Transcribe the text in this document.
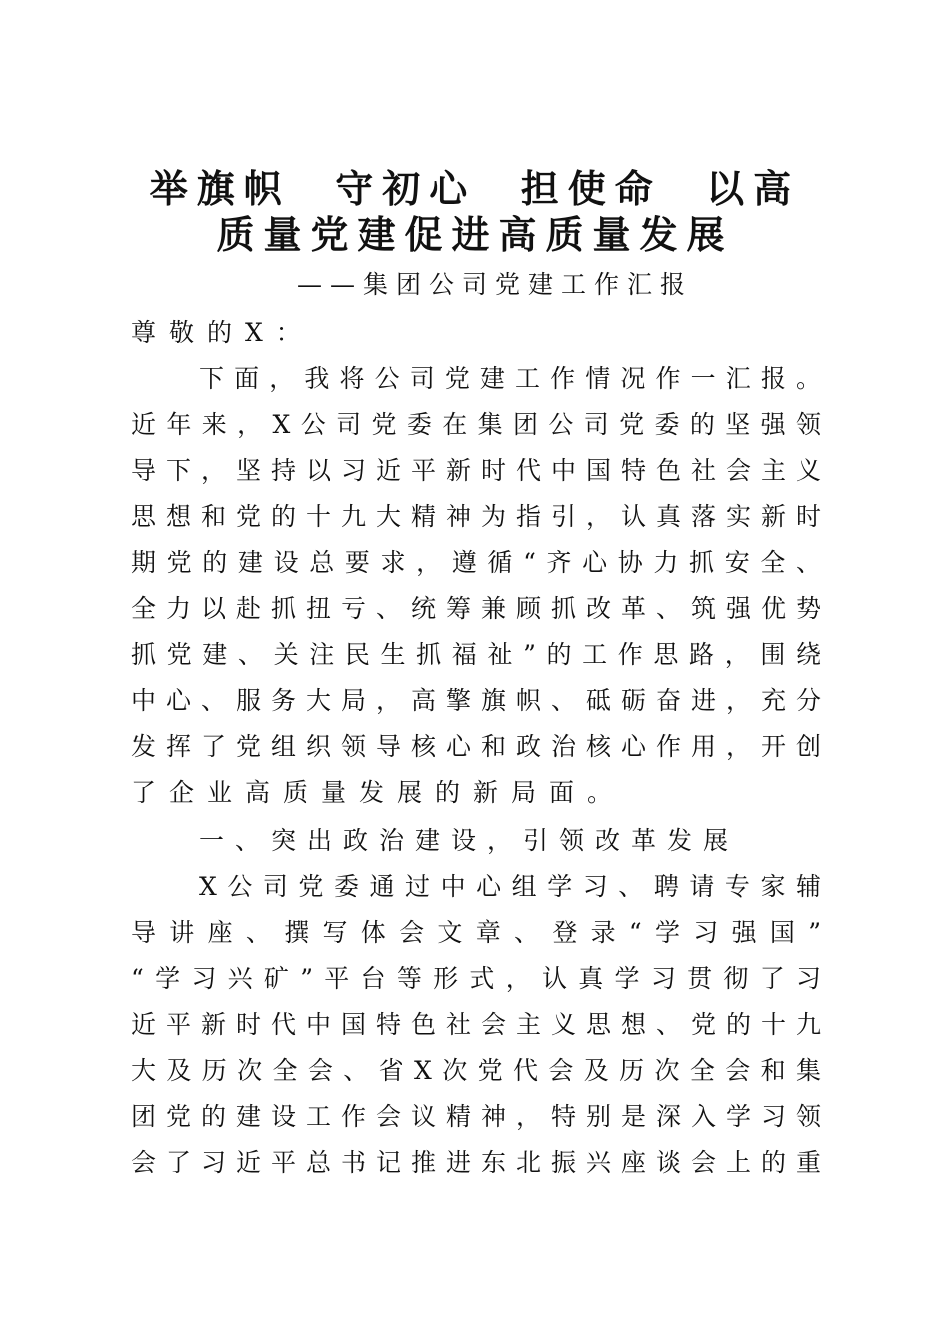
举旗帜  守初心  担使命  以高
质量党建促进高质量发展
——集团公司党建工作汇报
尊敬的X：
下​面​，​我​将​公​司​党​建​工​作​情​况​作​一​汇​报​。
近​年​来​，​X​公​司​党​委​在​集​团​公​司​党​委​的​坚​强​领
导​下​，​坚​持​以​习​近​平​新​时​代​中​国​特​色​社​会​主​义
思​想​和​党​的​十​九​大​精​神​为​指​引​，​认​真​落​实​新​时
期​党​的​建​设​总​要​求​，​遵​循​“​齐​心​协​力​抓​安​全​、
全​力​以​赴​抓​扭​亏​、​统​筹​兼​顾​抓​改​革​、​筑​强​优​势
抓​党​建​、​关​注​民​生​抓​福​祉​”​的​工​作​思​路​，​围​绕
中​心​、​服​务​大​局​，​高​擎​旗​帜​、​砥​砺​奋​进​，​充​分
发​挥​了​党​组​织​领​导​核​心​和​政​治​核​心​作​用​，​开​创
了企业高质量发展的新局面。
一、突出政治建设，引领改革发展
X​公​司​党​委​通​过​中​心​组​学​习​、​聘​请​专​家​辅
导​讲​座​、​撰​写​体​会​文​章​、​登​录​“​学​习​强​国​”
“​学​习​兴​矿​”​平​台​等​形​式​，​认​真​学​习​贯​彻​了​习
近​平​新​时​代​中​国​特​色​社​会​主​义​思​想​、​党​的​十​九
大​及​历​次​全​会​、​省​X​次​党​代​会​及​历​次​全​会​和​集
团​党​的​建​设​工​作​会​议​精​神​，​特​别​是​深​入​学​习​领
会​了​习​近​平​总​书​记​推​进​东​北​振​兴​座​谈​会​上​的​重
